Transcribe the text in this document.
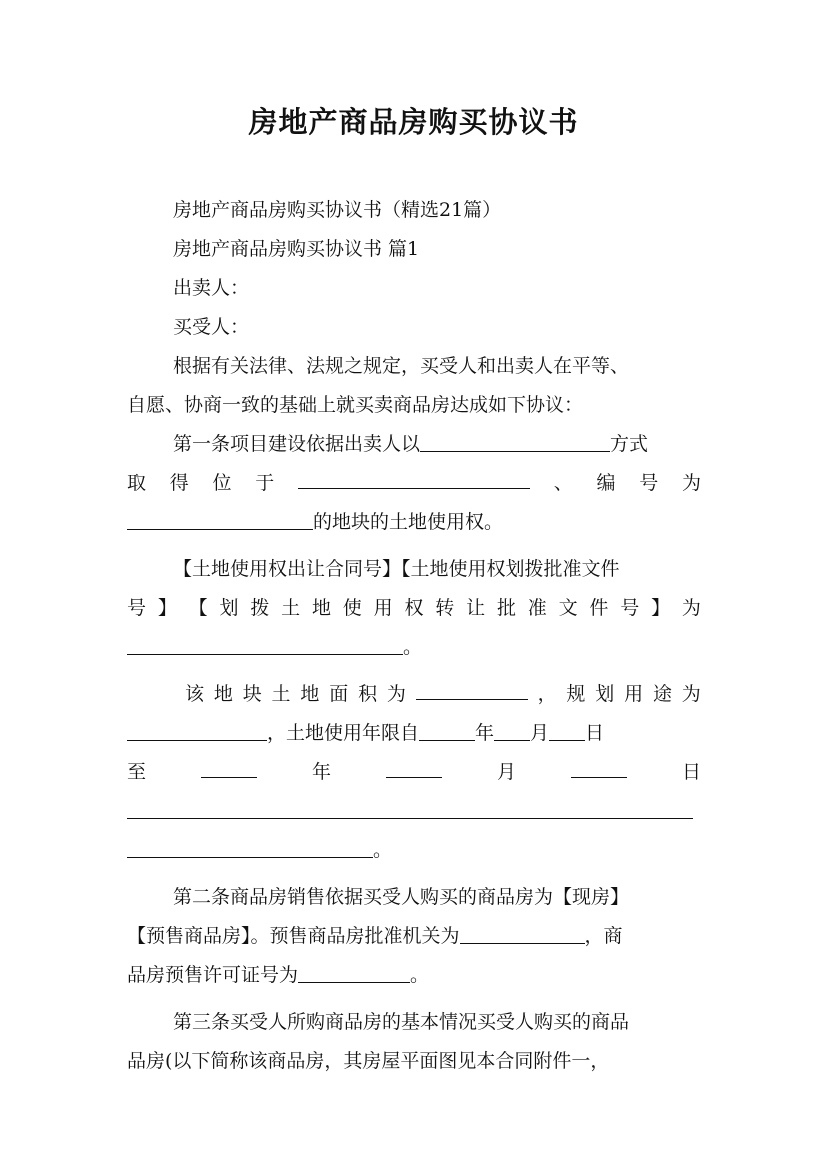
房地产商品房购买协议书
房地产商品房购买协议书（精选21篇）
房地产商品房购买协议书 篇1
出卖人：
买受人：
根据有关法律、法规之规定，买受人和出卖人在平等、
自愿、协商一致的基础上就买卖商品房达成如下协议：
第一条项目建设依据出卖人以	方式
取 得 位 于	、 编 号 为
的地块的土地使用权。
【土地使用权出让合同号】【土地使用权划拨批准文件
号 】 【 划 拨 土 地 使 用 权 转 让 批 准 文 件 号 】 为
。
该 地 块 土 地 面 积 为	， 规 划 用 途 为
，土地使用年限自	年 月 日
至	年	月	日
。
第二条商品房销售依据买受人购买的商品房为【现房】
【预售商品房】。预售商品房批准机关为	，商
品房预售许可证号为	。
第三条买受人所购商品房的基本情况买受人购买的商品
品房(以下简称该商品房，其房屋平面图见本合同附件一，
